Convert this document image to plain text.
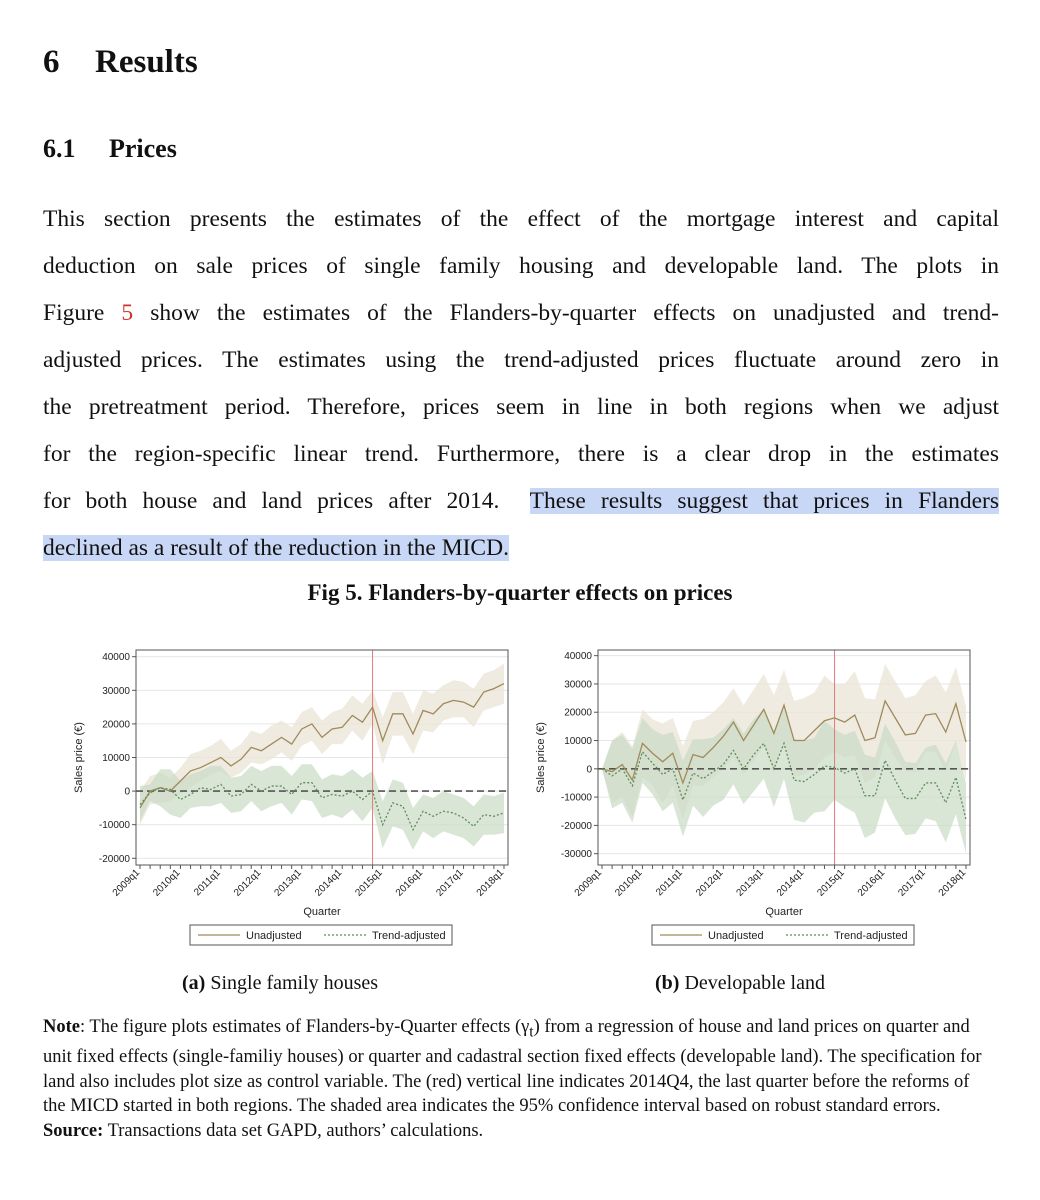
6 Results
6.1 Prices
This section presents the estimates of the effect of the mortgage interest and capital
deduction on sale prices of single family housing and developable land. The plots in
Figure 5 show the estimates of the Flanders-by-quarter effects on unadjusted and trend-
adjusted prices. The estimates using the trend-adjusted prices fluctuate around zero in
the pretreatment period. Therefore, prices seem in line in both regions when we adjust
for the region-specific linear trend. Furthermore, there is a clear drop in the estimates
for both house and land prices after 2014. These results suggest that prices in Flanders
declined as a result of the reduction in the MICD.
Fig 5. Flanders-by-quarter effects on prices
-20000
-10000
0
10000
20000
30000
40000
2009q1 2010q1 2011q1 2012q1 2013q1 2014q1 2015q1 2016q1 2017q1 2018q1
Quarter
Sales price (€)
Unadjusted	Trend-adjusted
-30000
-20000
-10000
0
10000
20000
30000
40000
2009q1 2010q1 2011q1 2012q1 2013q1 2014q1 2015q1 2016q1 2017q1 2018q1
Quarter
Sales price (€)
Unadjusted	Trend-adjusted
(a) Single family houses	(b) Developable land

Note: The figure plots estimates of Flanders-by-Quarter effects $(\gamma_t)$ from a regression of house and land prices on quarter and unit fixed effects (single-familiy houses) or quarter and cadastral section fixed effects (developable land). The specification for land also includes plot size as control variable. The (red) vertical line indicates 2014Q4, the last quarter before the reforms of the MICD started in both regions. The shaded area indicates the 95% confidence interval based on robust standard errors.

Source: Transactions data set GAPD, authors’ calculations.
